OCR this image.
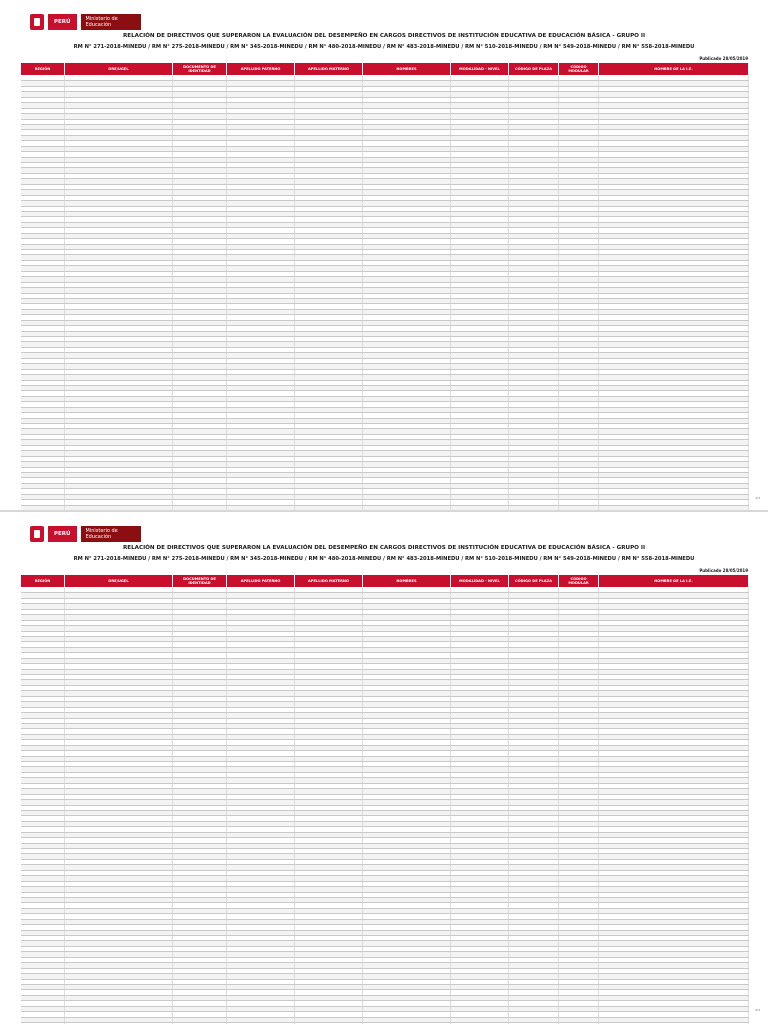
PERÚ
Ministerio de Educación
RELACIÓN DE DIRECTIVOS QUE SUPERARON LA EVALUACIÓN DEL DESEMPEÑO EN CARGOS DIRECTIVOS DE INSTITUCIÓN EDUCATIVA DE EDUCACIÓN BÁSICA - GRUPO II
RM N° 271-2018-MINEDU / RM N° 275-2018-MINEDU / RM N° 345-2018-MINEDU / RM N° 480-2018-MINEDU / RM N° 483-2018-MINEDU / RM N° 510-2018-MINEDU / RM N° 549-2018-MINEDU / RM N° 558-2018-MINEDU
Publicado 28/05/2019
REGIÓN	DRE/UGEL	DOCUMENTO DE IDENTIDAD	APELLIDO PATERNO	APELLIDO MATERNO	NOMBRES	MODALIDAD - NIVEL	CÓDIGO DE PLAZA	CÓDIGO MODULAR	NOMBRE DE LA I.E.

1/3
PERÚ
Ministerio de Educación
RELACIÓN DE DIRECTIVOS QUE SUPERARON LA EVALUACIÓN DEL DESEMPEÑO EN CARGOS DIRECTIVOS DE INSTITUCIÓN EDUCATIVA DE EDUCACIÓN BÁSICA - GRUPO II
RM N° 271-2018-MINEDU / RM N° 275-2018-MINEDU / RM N° 345-2018-MINEDU / RM N° 480-2018-MINEDU / RM N° 483-2018-MINEDU / RM N° 510-2018-MINEDU / RM N° 549-2018-MINEDU / RM N° 558-2018-MINEDU
Publicado 28/05/2019
REGIÓN	DRE/UGEL	DOCUMENTO DE IDENTIDAD	APELLIDO PATERNO	APELLIDO MATERNO	NOMBRES	MODALIDAD - NIVEL	CÓDIGO DE PLAZA	CÓDIGO MODULAR	NOMBRE DE LA I.E.

2/3
